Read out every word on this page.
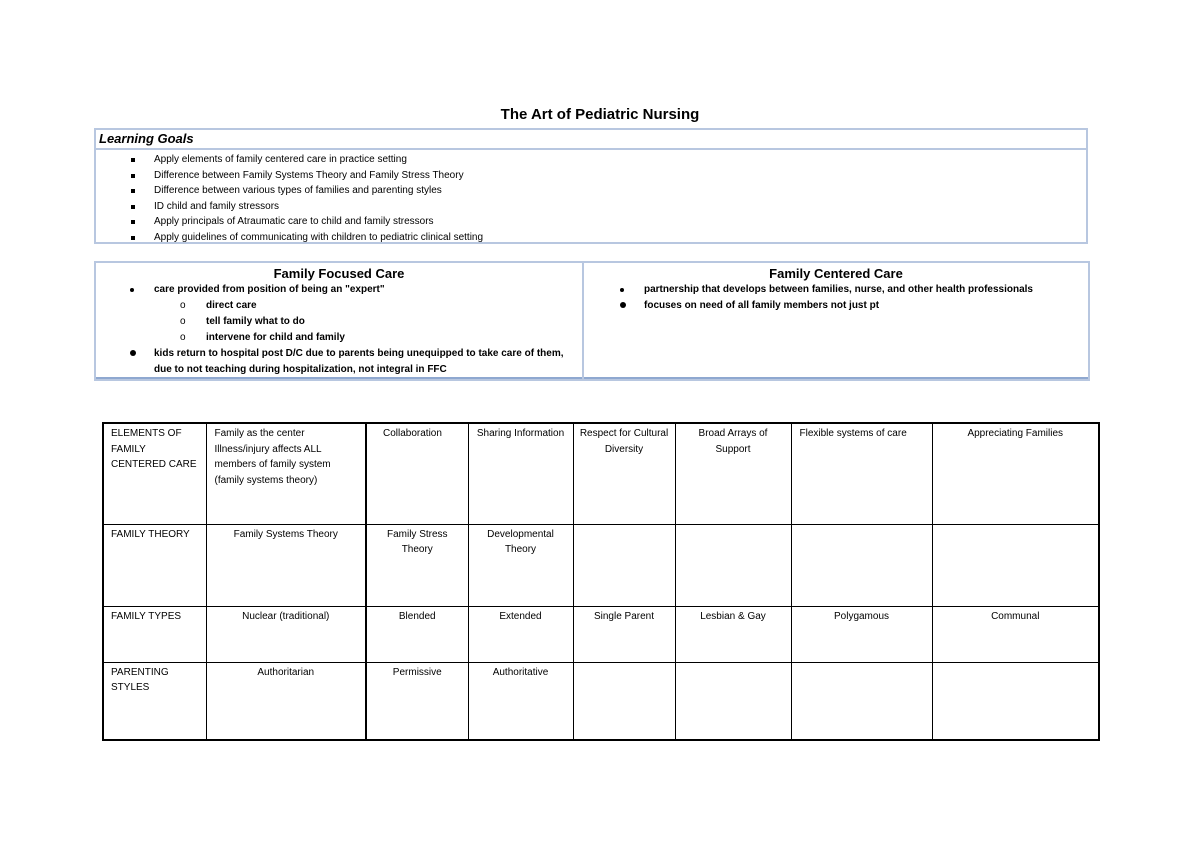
The Art of Pediatric Nursing
Learning Goals
Apply elements of family centered care in practice setting
Difference between Family Systems Theory and Family Stress Theory
Difference between various types of families and parenting styles
ID child and family stressors
Apply principals of Atraumatic care to child and family stressors
Apply guidelines of communicating with children to pediatric clinical setting
Family Focused Care
care provided from position of being an "expert"
o direct care
o tell family what to do
o intervene for child and family
kids return to hospital post D/C due to parents being unequipped to take care of them, due to not teaching during hospitalization, not integral in FFC
Family Centered Care
partnership that develops between families, nurse, and other health professionals
focuses on need of all family members not just pt
ELEMENTS OF FAMILY CENTERED CARE	Family as the center Illness/injury affects ALL members of family system (family systems theory)	Collaboration	Sharing Information	Respect for Cultural Diversity	Broad Arrays of Support	Flexible systems of care	Appreciating Families
FAMILY THEORY	Family Systems Theory	Family Stress Theory	Developmental Theory				
FAMILY TYPES	Nuclear (traditional)	Blended	Extended	Single Parent	Lesbian & Gay	Polygamous	Communal
PARENTING STYLES	Authoritarian	Permissive	Authoritative				
